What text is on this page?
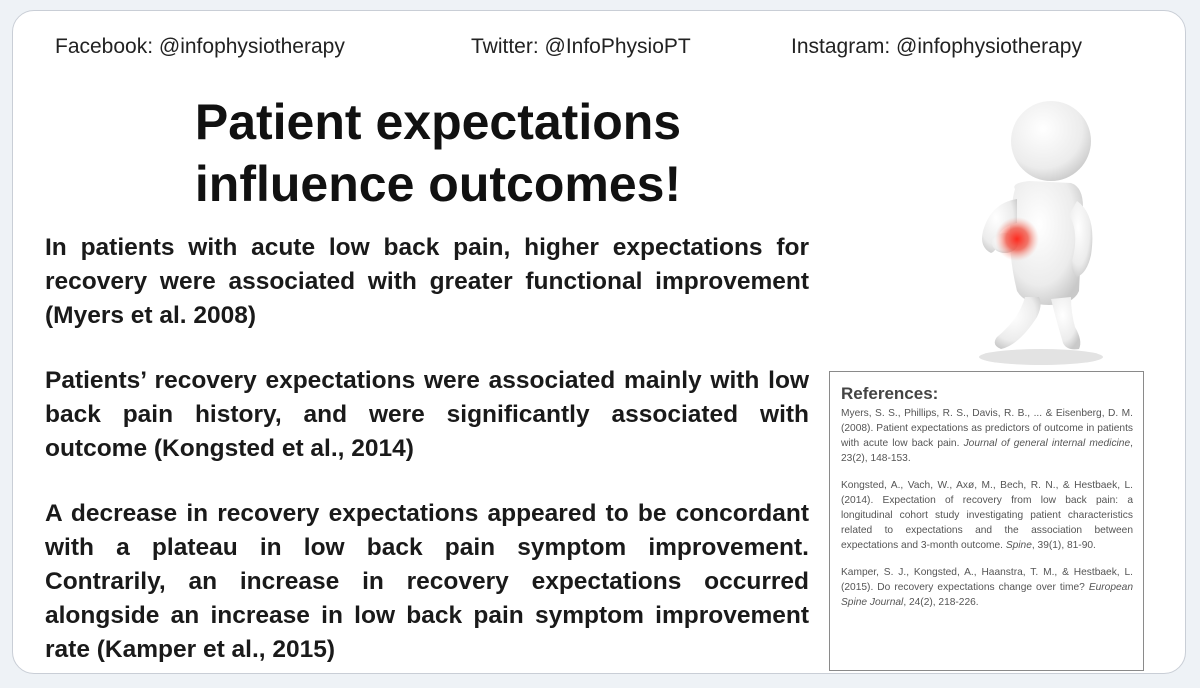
Facebook: @infophysiotherapy	Twitter: @InfoPhysioPT	Instagram: @infophysiotherapy
Patient expectations
influence outcomes!

In patients with acute low back pain, higher expectations for recovery were associated with greater functional improvement (Myers et al. 2008)

Patients’ recovery expectations were associated mainly with low back pain history, and were significantly associated with outcome (Kongsted et al., 2014)

A decrease in recovery expectations appeared to be concordant with a plateau in low back pain symptom improvement. Contrarily, an increase in recovery expectations occurred alongside an increase in low back pain symptom improvement rate (Kamper et al., 2015)

References:

Myers, S. S., Phillips, R. S., Davis, R. B., ... & Eisenberg, D. M. (2008). Patient expectations as predictors of outcome in patients with acute low back pain. Journal of general internal medicine, 23(2), 148-153.

Kongsted, A., Vach, W., Axø, M., Bech, R. N., & Hestbaek, L. (2014). Expectation of recovery from low back pain: a longitudinal cohort study investigating patient characteristics related to expectations and the association between expectations and 3-month outcome. Spine, 39(1), 81-90.

Kamper, S. J., Kongsted, A., Haanstra, T. M., & Hestbaek, L. (2015). Do recovery expectations change over time? European Spine Journal, 24(2), 218-226.
